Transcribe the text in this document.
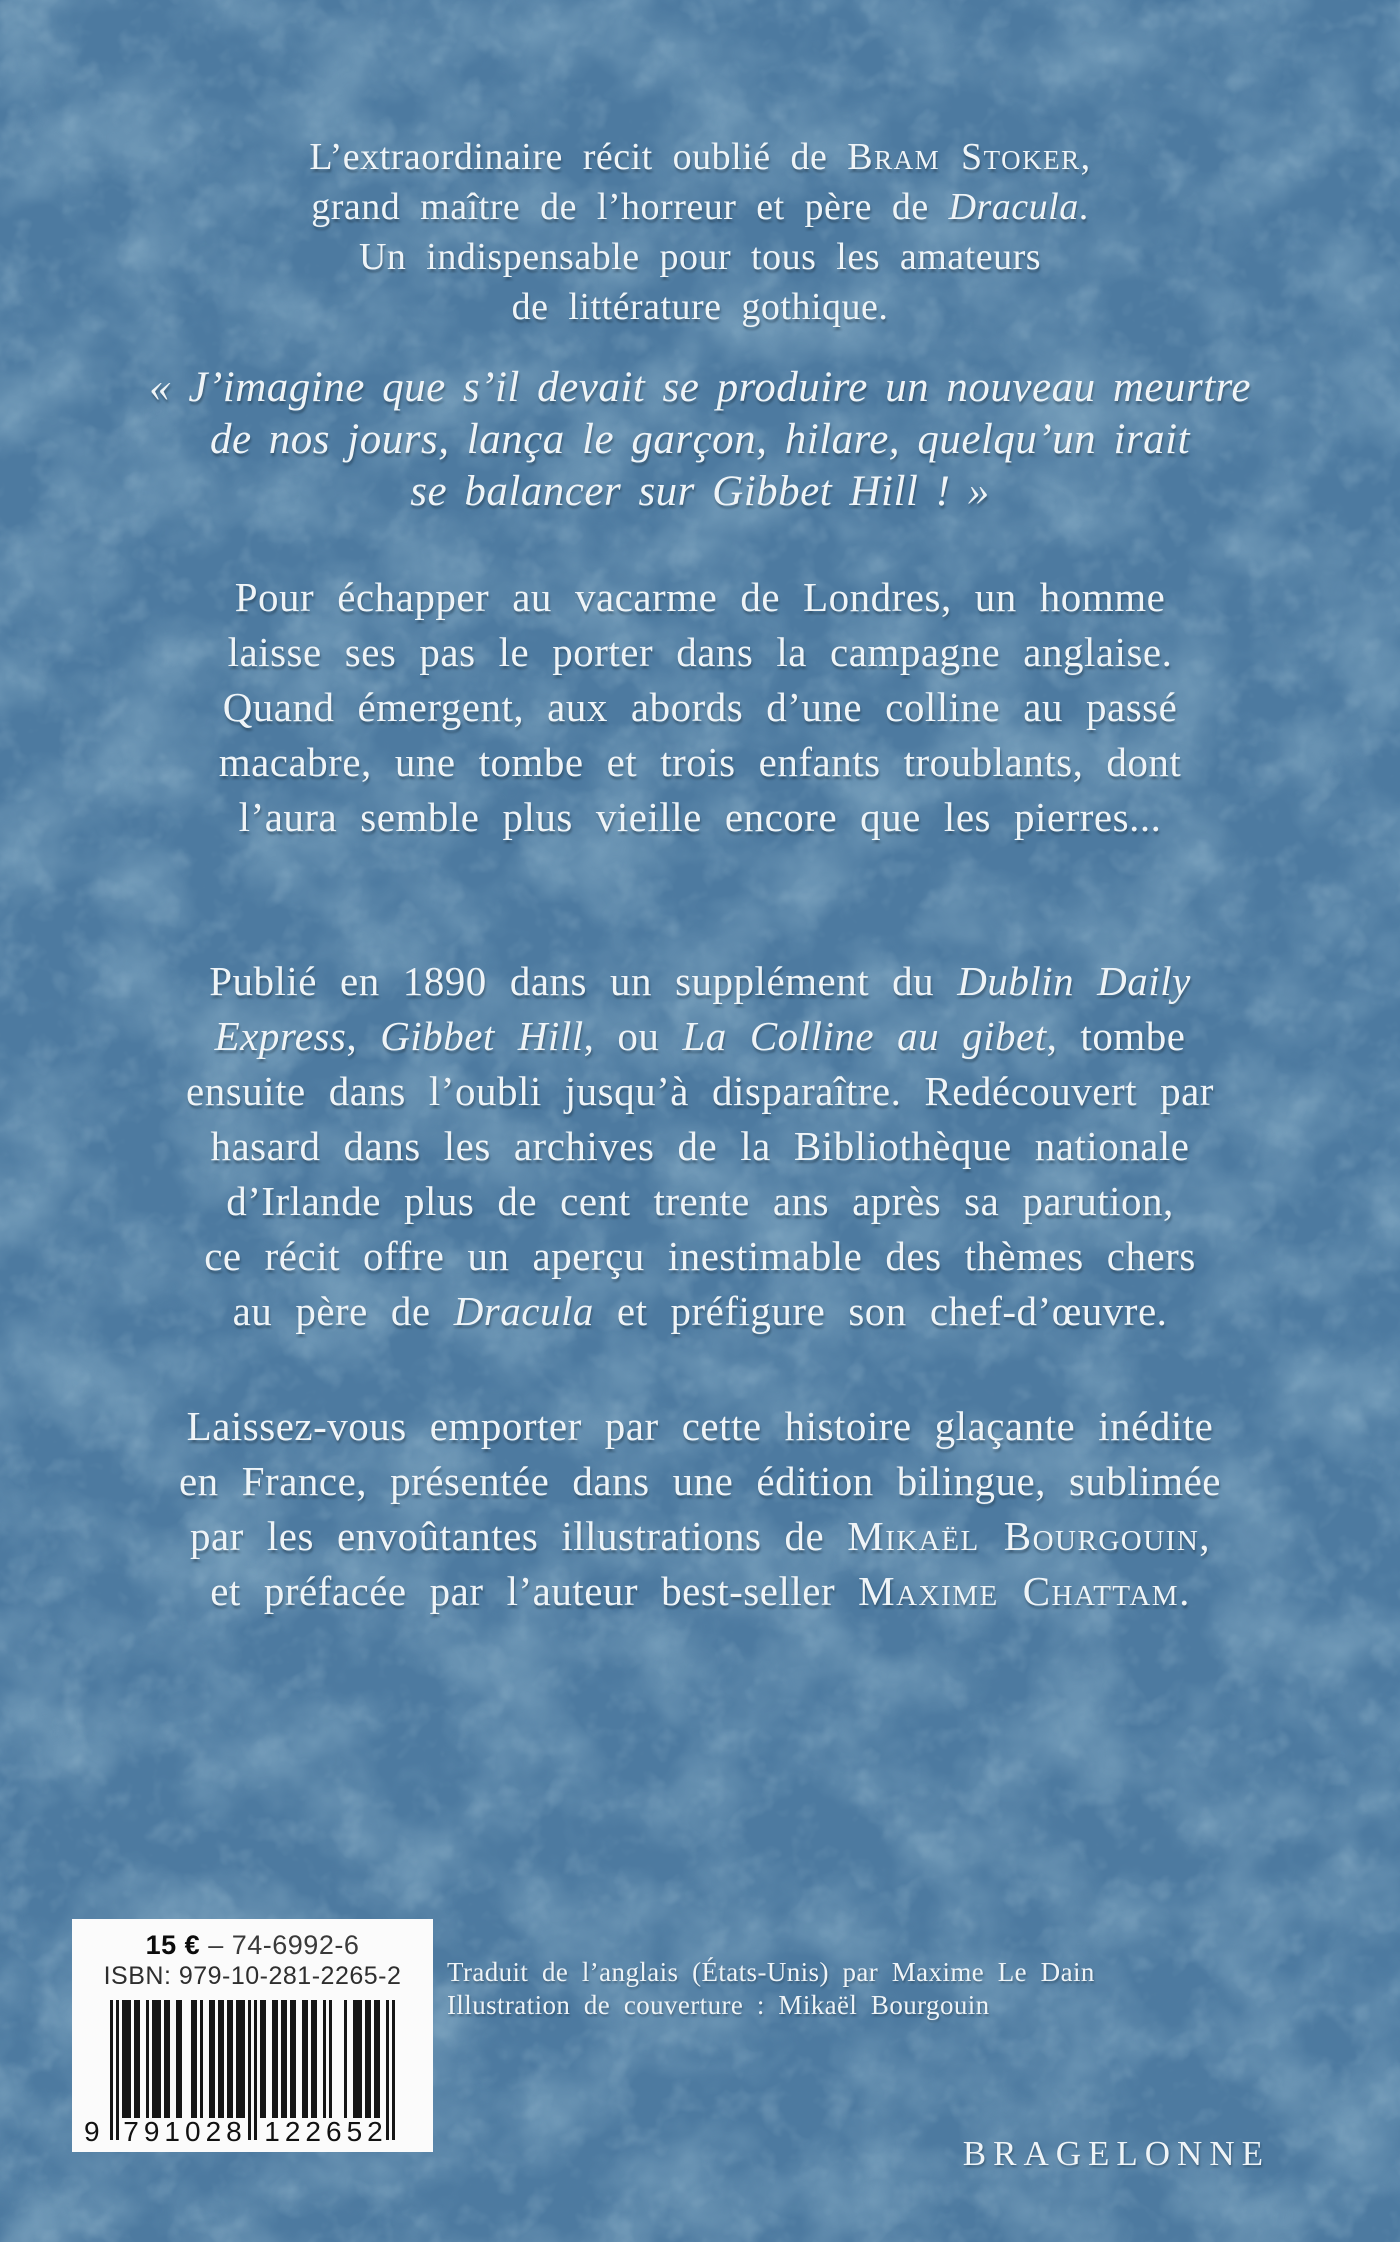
L’extraordinaire récit oublié de Bram Stoker,
grand maître de l’horreur et père de Dracula.
Un indispensable pour tous les amateurs
de littérature gothique.
« J’imagine que s’il devait se produire un nouveau meurtre
de nos jours, lança le garçon, hilare, quelqu’un irait
se balancer sur Gibbet Hill ! »
Pour échapper au vacarme de Londres, un homme
laisse ses pas le porter dans la campagne anglaise.
Quand émergent, aux abords d’une colline au passé
macabre, une tombe et trois enfants troublants, dont
l’aura semble plus vieille encore que les pierres...
Publié en 1890 dans un supplément du Dublin Daily
Express, Gibbet Hill, ou La Colline au gibet, tombe
ensuite dans l’oubli jusqu’à disparaître. Redécouvert par
hasard dans les archives de la Bibliothèque nationale
d’Irlande plus de cent trente ans après sa parution,
ce récit offre un aperçu inestimable des thèmes chers
au père de Dracula et préfigure son chef-d’œuvre.
Laissez-vous emporter par cette histoire glaçante inédite
en France, présentée dans une édition bilingue, sublimée
par les envoûtantes illustrations de Mikaël Bourgouin,
et préfacée par l’auteur best-seller Maxime Chattam.
15 € – 74-6992-6
ISBN: 979-10-281-2265-2
9 791028 122652
Traduit de l’anglais (États-Unis) par Maxime Le Dain
Illustration de couverture : Mikaël Bourgouin
BRAGELONNE
